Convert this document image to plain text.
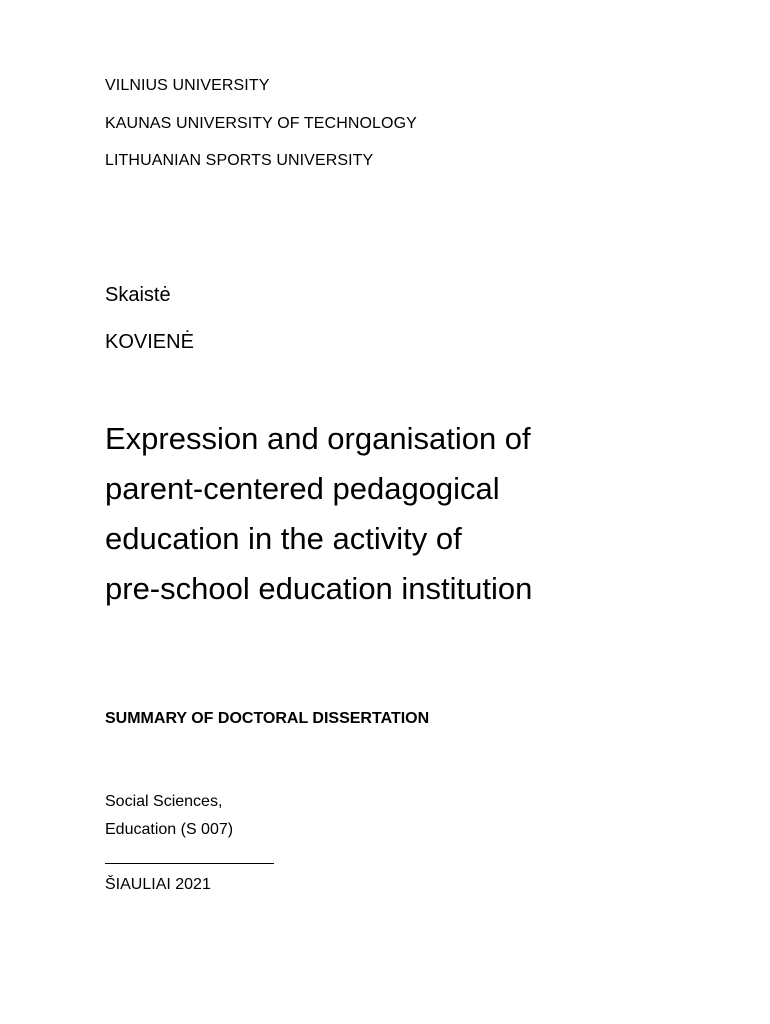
VILNIUS UNIVERSITY
KAUNAS UNIVERSITY OF TECHNOLOGY
LITHUANIAN SPORTS UNIVERSITY
Skaistė
KOVIENĖ
Expression and organisation of
parent-centered pedagogical
education in the activity of
pre-school education institution
SUMMARY OF DOCTORAL DISSERTATION
Social Sciences,
Education (S 007)
ŠIAULIAI 2021
